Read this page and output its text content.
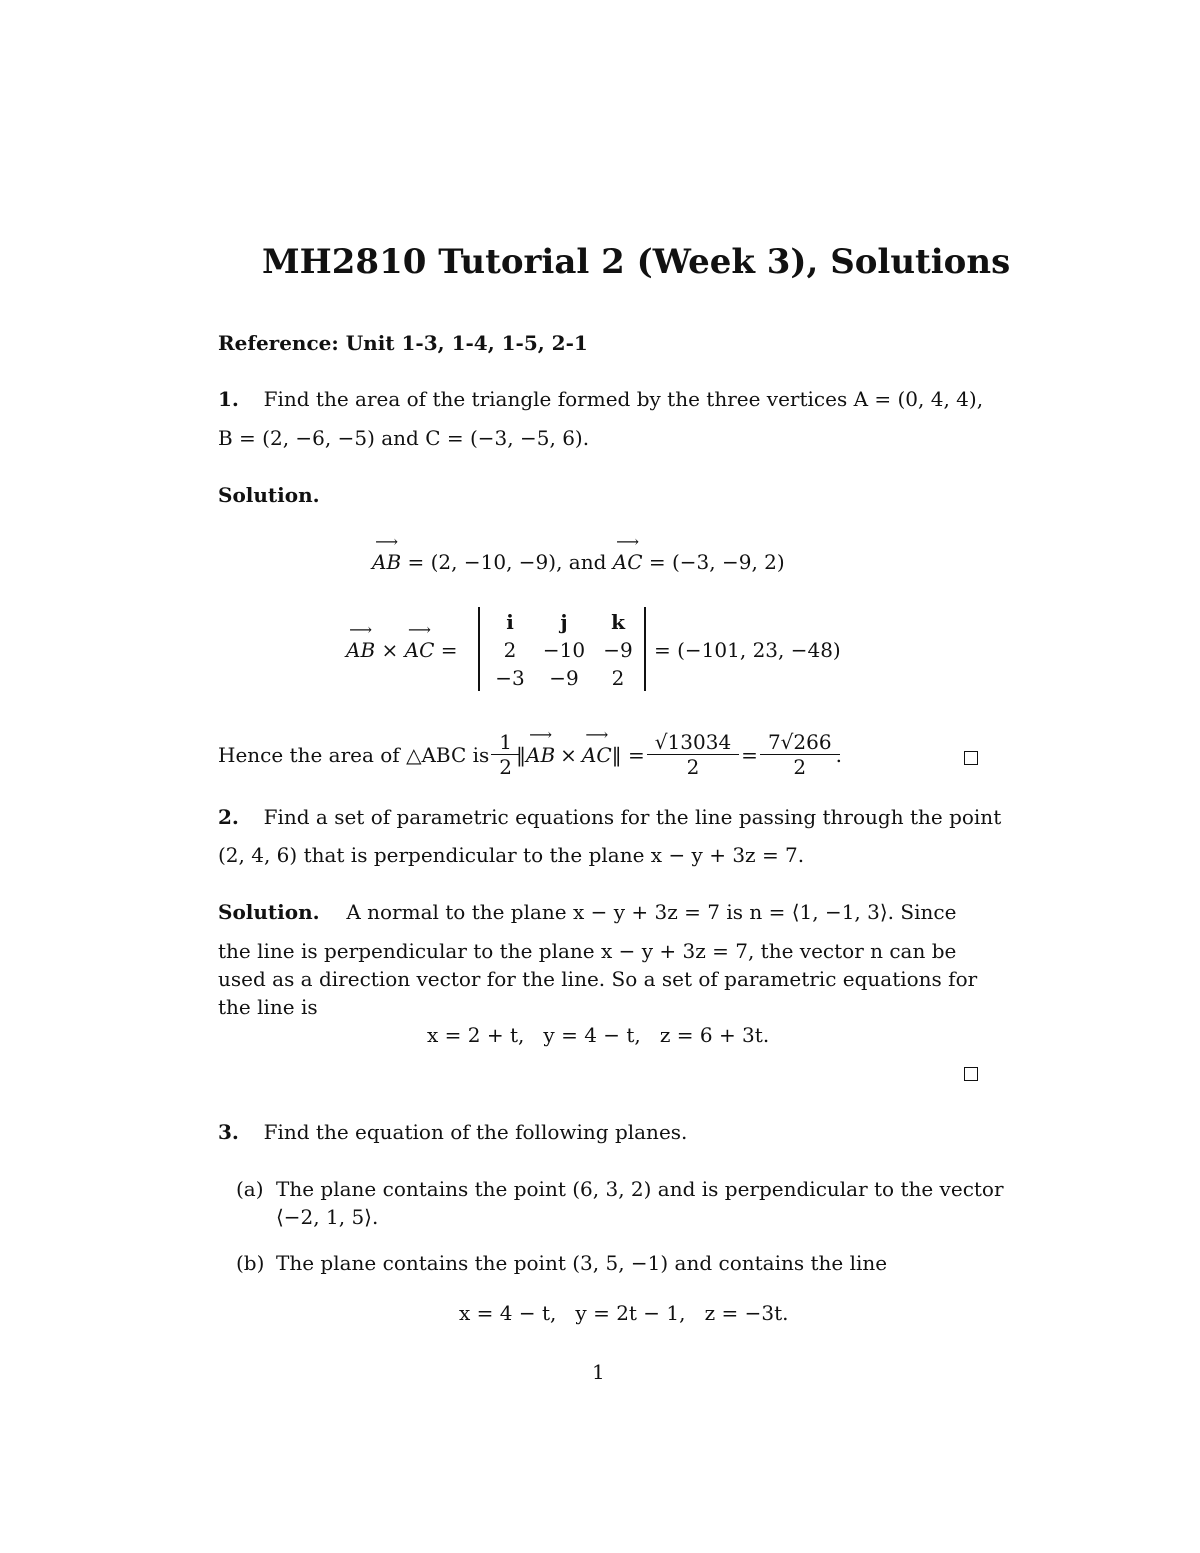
MH2810 Tutorial 2 (Week 3), Solutions
Reference: Unit 1-3, 1-4, 1-5, 2-1
1. Find the area of the triangle formed by the three vertices A = (0, 4, 4),
B = (2, −6, −5) and C = (−3, −5, 6).
Solution.
⟶
AB = (2, −10, −9), and
⟶
AC = (−3, −9, 2)
⟶
AB ×
⟶
AC =
i	j	k
2	−10 −9
−3	−9	2
= (−101, 23, −48)
Hence the area of △ABC is $\frac{1}{2}$ ‖
⟶
AB ×
⟶
AC ‖ = $\frac{√13034}{2} = \frac{7√266}{2}$ .
2. Find a set of parametric equations for the line passing through the point
(2, 4, 6) that is perpendicular to the plane x − y + 3z = 7.
Solution. A normal to the plane x − y + 3z = 7 is n = ⟨1, −1, 3⟩. Since
the line is perpendicular to the plane x − y + 3z = 7, the vector n can be
used as a direction vector for the line. So a set of parametric equations for
the line is
x = 2 + t,   y = 4 − t,   z = 6 + 3t.
3. Find the equation of the following planes.
(a) The plane contains the point (6, 3, 2) and is perpendicular to the vector
⟨−2, 1, 5⟩.
(b) The plane contains the point (3, 5, −1) and contains the line
x = 4 − t,   y = 2t − 1,   z = −3t.
1
